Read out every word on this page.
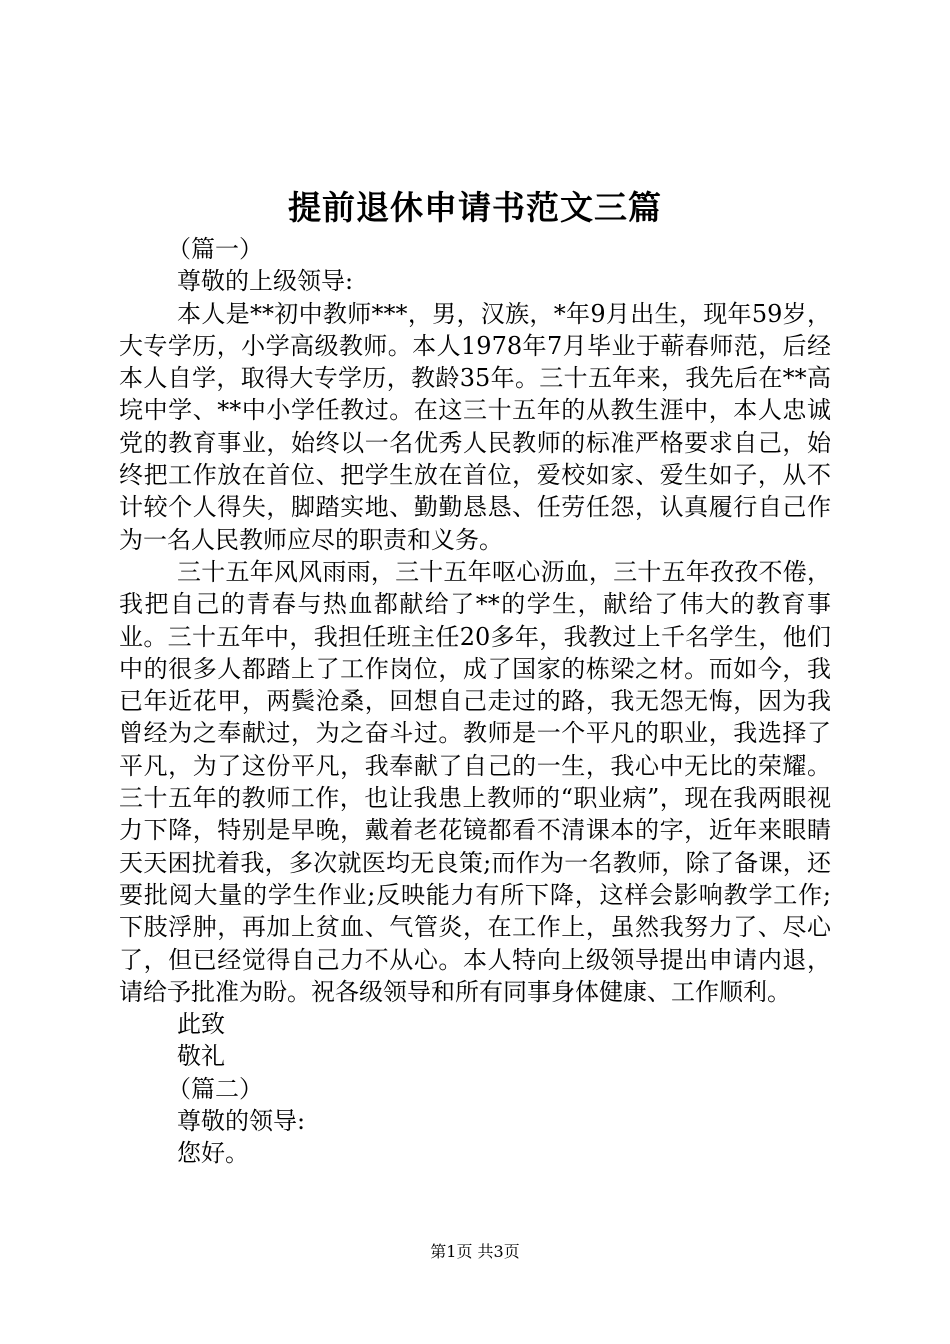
提前退休申请书范文三篇

（篇一）

尊敬的上级领导:

本人是**初中教师***，男，汉族，*年9月出生，现年59岁，大专学历，小学高级教师。本人1978年7月毕业于蕲春师范，后经本人自学，取得大专学历，教龄35年。三十五年来，我先后在**高垸中学、**中小学任教过。在这三十五年的从教生涯中，本人忠诚党的教育事业，始终以一名优秀人民教师的标准严格要求自己，始终把工作放在首位、把学生放在首位，爱校如家、爱生如子，从不计较个人得失，脚踏实地、勤勤恳恳、任劳任怨，认真履行自己作为一名人民教师应尽的职责和义务。

三十五年风风雨雨，三十五年呕心沥血，三十五年孜孜不倦，我把自己的青春与热血都献给了**的学生，献给了伟大的教育事业。三十五年中，我担任班主任20多年，我教过上千名学生，他们中的很多人都踏上了工作岗位，成了国家的栋梁之材。而如今，我已年近花甲，两鬓沧桑，回想自己走过的路，我无怨无悔，因为我曾经为之奉献过，为之奋斗过。教师是一个平凡的职业，我选择了平凡，为了这份平凡，我奉献了自己的一生，我心中无比的荣耀。三十五年的教师工作，也让我患上教师的“职业病”，现在我两眼视力下降，特别是早晚，戴着老花镜都看不清课本的字，近年来眼睛天天困扰着我，多次就医均无良策;而作为一名教师，除了备课，还要批阅大量的学生作业;反映能力有所下降，这样会影响教学工作;下肢浮肿，再加上贫血、气管炎，在工作上，虽然我努力了、尽心了，但已经觉得自己力不从心。本人特向上级领导提出申请内退，请给予批准为盼。祝各级领导和所有同事身体健康、工作顺利。

此致

敬礼

（篇二）

尊敬的领导:

您好。

第1页 共3页
